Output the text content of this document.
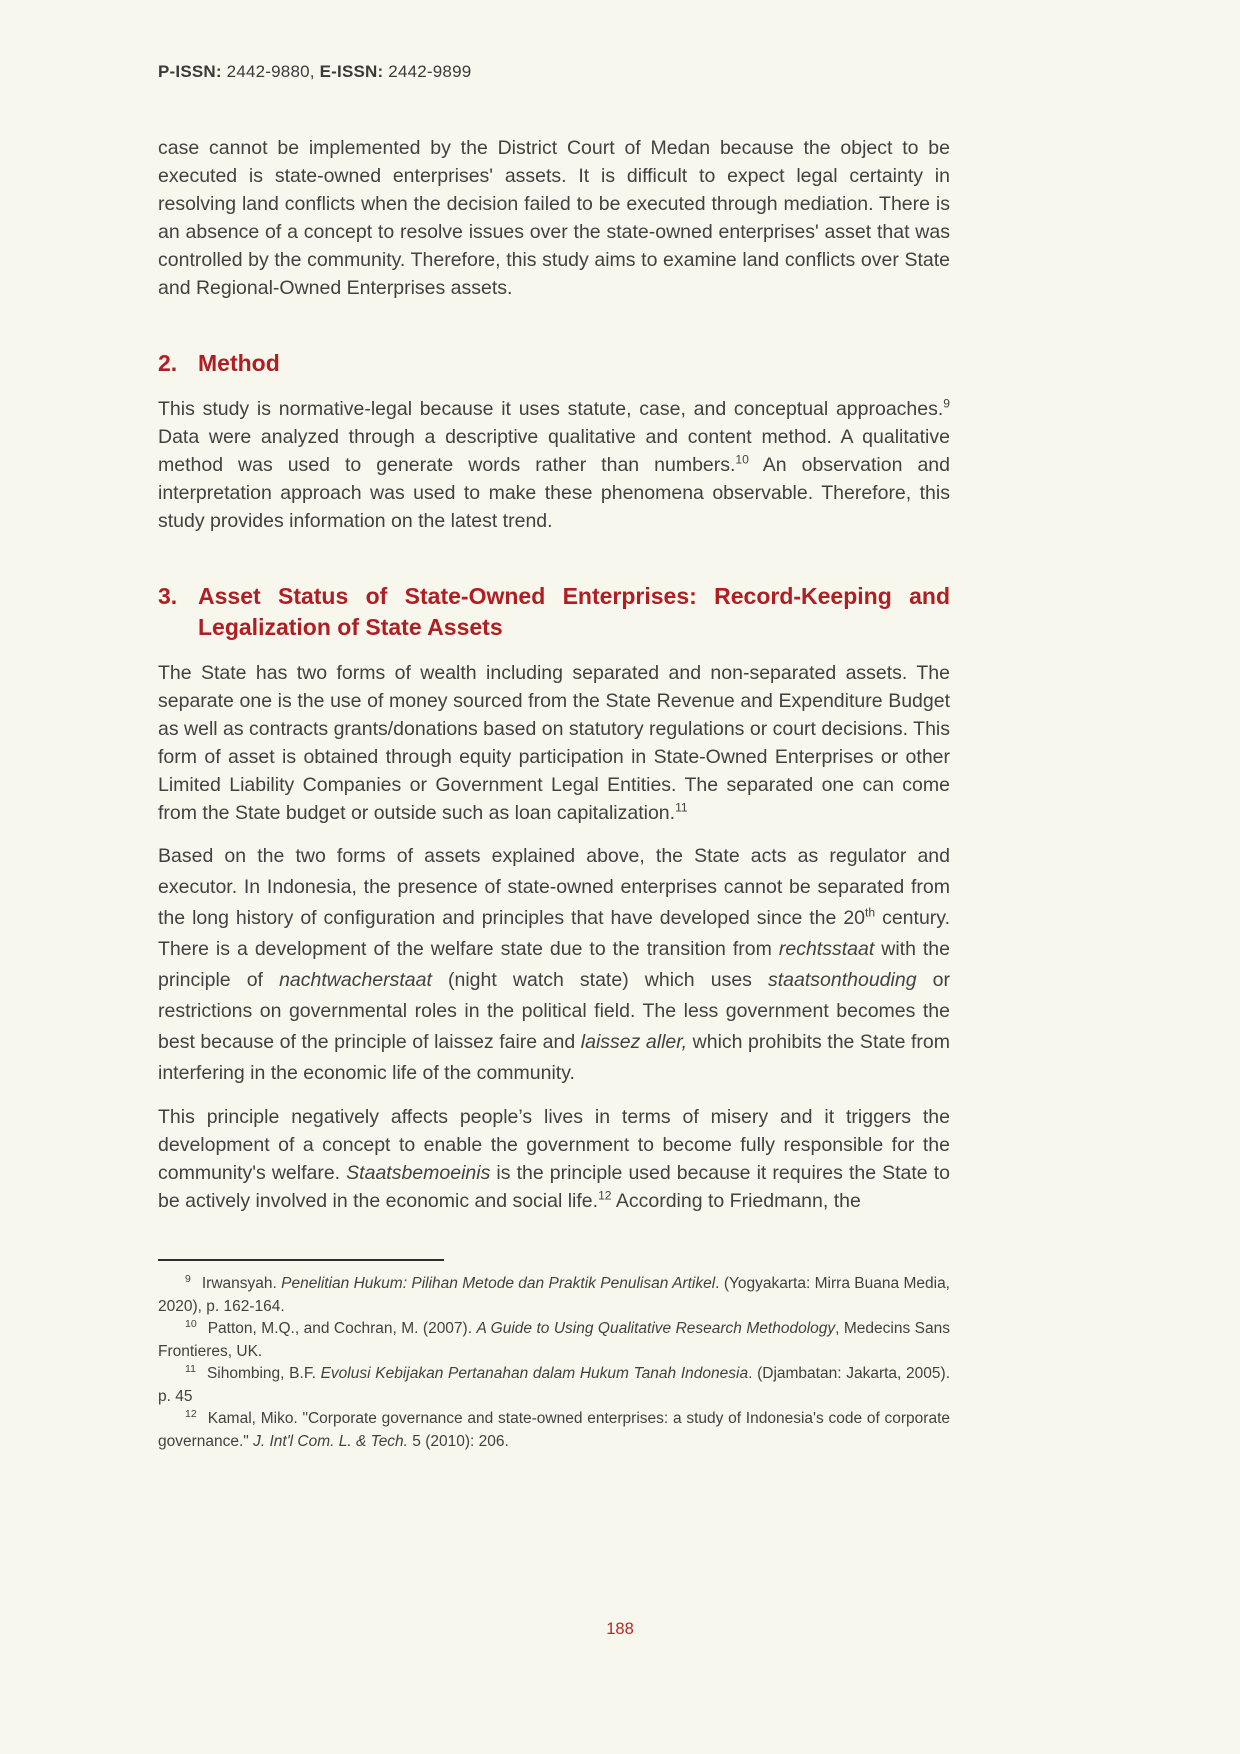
P-ISSN: 2442-9880, E-ISSN: 2442-9899

case cannot be implemented by the District Court of Medan because the object to be executed is state-owned enterprises' assets. It is difficult to expect legal certainty in resolving land conflicts when the decision failed to be executed through mediation. There is an absence of a concept to resolve issues over the state-owned enterprises' asset that was controlled by the community. Therefore, this study aims to examine land conflicts over State and Regional-Owned Enterprises assets.

2. Method

This study is normative-legal because it uses statute, case, and conceptual approaches.$^9$ Data were analyzed through a descriptive qualitative and content method. A qualitative method was used to generate words rather than numbers.$^{10}$ An observation and interpretation approach was used to make these phenomena observable. Therefore, this study provides information on the latest trend.

3. Asset Status of State-Owned Enterprises: Record-Keeping and Legalization of State Assets

The State has two forms of wealth including separated and non-separated assets. The separate one is the use of money sourced from the State Revenue and Expenditure Budget as well as contracts grants/donations based on statutory regulations or court decisions. This form of asset is obtained through equity participation in State-Owned Enterprises or other Limited Liability Companies or Government Legal Entities. The separated one can come from the State budget or outside such as loan capitalization.$^{11}$

Based on the two forms of assets explained above, the State acts as regulator and executor. In Indonesia, the presence of state-owned enterprises cannot be separated from the long history of configuration and principles that have developed since the 20th century. There is a development of the welfare state due to the transition from rechtsstaat with the principle of nachtwacherstaat (night watch state) which uses staatsonthouding or restrictions on governmental roles in the political field. The less government becomes the best because of the principle of laissez faire and laissez aller, which prohibits the State from interfering in the economic life of the community.

This principle negatively affects people’s lives in terms of misery and it triggers the development of a concept to enable the government to become fully responsible for the community's welfare. Staatsbemoeinis is the principle used because it requires the State to be actively involved in the economic and social life.$^{12}$ According to Friedmann, the

$^9$ Irwansyah. Penelitian Hukum: Pilihan Metode dan Praktik Penulisan Artikel. (Yogyakarta: Mirra Buana Media, 2020), p. 162-164.

$^{10}$ Patton, M.Q., and Cochran, M. (2007). A Guide to Using Qualitative Research Methodology, Medecins Sans Frontieres, UK.

$^{11}$ Sihombing, B.F. Evolusi Kebijakan Pertanahan dalam Hukum Tanah Indonesia. (Djambatan: Jakarta, 2005). p. 45

$^{12}$ Kamal, Miko. "Corporate governance and state-owned enterprises: a study of Indonesia's code of corporate governance." J. Int'l Com. L. & Tech. 5 (2010): 206.

188
